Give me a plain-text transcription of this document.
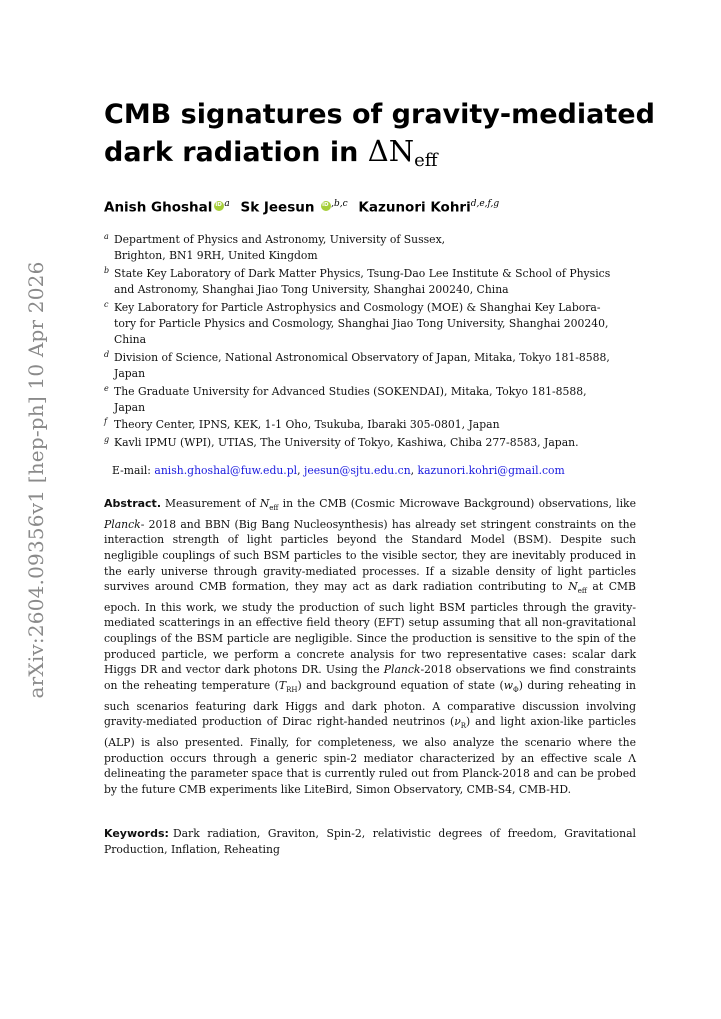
arXiv:2604.09356v1 [hep-ph] 10 Apr 2026
CMB signatures of gravity-mediated
dark radiation in $\Delta N_{eff}$
Anish Ghoshal iD $^a$ Sk Jeesun iD $^{,b,c}$ Kazunori Kohri$^{d,e,f,g}$
a Department of Physics and Astronomy, University of Sussex,
Brighton, BN1 9RH, United Kingdom
b State Key Laboratory of Dark Matter Physics, Tsung-Dao Lee Institute & School of Physics
and Astronomy, Shanghai Jiao Tong University, Shanghai 200240, China
c Key Laboratory for Particle Astrophysics and Cosmology (MOE) & Shanghai Key Labora-
tory for Particle Physics and Cosmology, Shanghai Jiao Tong University, Shanghai 200240,
China
d Division of Science, National Astronomical Observatory of Japan, Mitaka, Tokyo 181-8588,
Japan
e The Graduate University for Advanced Studies (SOKENDAI), Mitaka, Tokyo 181-8588,
Japan
f Theory Center, IPNS, KEK, 1-1 Oho, Tsukuba, Ibaraki 305-0801, Japan
g Kavli IPMU (WPI), UTIAS, The University of Tokyo, Kashiwa, Chiba 277-8583, Japan.
E-mail: anish.ghoshal@fuw.edu.pl, jeesun@sjtu.edu.cn, kazunori.kohri@gmail.com
Abstract. Measurement of $N_{eff}$ in the CMB (Cosmic Microwave Background) observations, like Planck- 2018 and BBN (Big Bang Nucleosynthesis) has already set stringent constraints on the interaction strength of light particles beyond the Standard Model (BSM). Despite such negligible couplings of such BSM particles to the visible sector, they are inevitably produced in the early universe through gravity-mediated processes. If a sizable density of light particles survives around CMB formation, they may act as dark radiation contributing to $N_{eff}$ at CMB epoch. In this work, we study the production of such light BSM particles through the gravity-mediated scatterings in an effective field theory (EFT) setup assuming that all non-gravitational couplings of the BSM particle are negligible. Since the production is sensitive to the spin of the produced particle, we perform a concrete analysis for two representative cases: scalar dark Higgs DR and vector dark photons DR. Using the Planck-2018 observations we find constraints on the reheating temperature $(T_{RH})$ and background equation of state $(w_\Phi)$ during reheating in such scenarios featuring dark Higgs and dark photon. A comparative discussion involving gravity-mediated production of Dirac right-handed neutrinos $(\nu_R)$ and light axion-like particles (ALP) is also presented. Finally, for completeness, we also analyze the scenario where the production occurs through a generic spin-2 mediator characterized by an effective scale Λ delineating the parameter space that is currently ruled out from Planck-2018 and can be probed by the future CMB experiments like LiteBird, Simon Observatory, CMB-S4, CMB-HD.
Keywords: Dark radiation, Graviton, Spin-2, relativistic degrees of freedom, Gravitational Production, Inflation, Reheating
